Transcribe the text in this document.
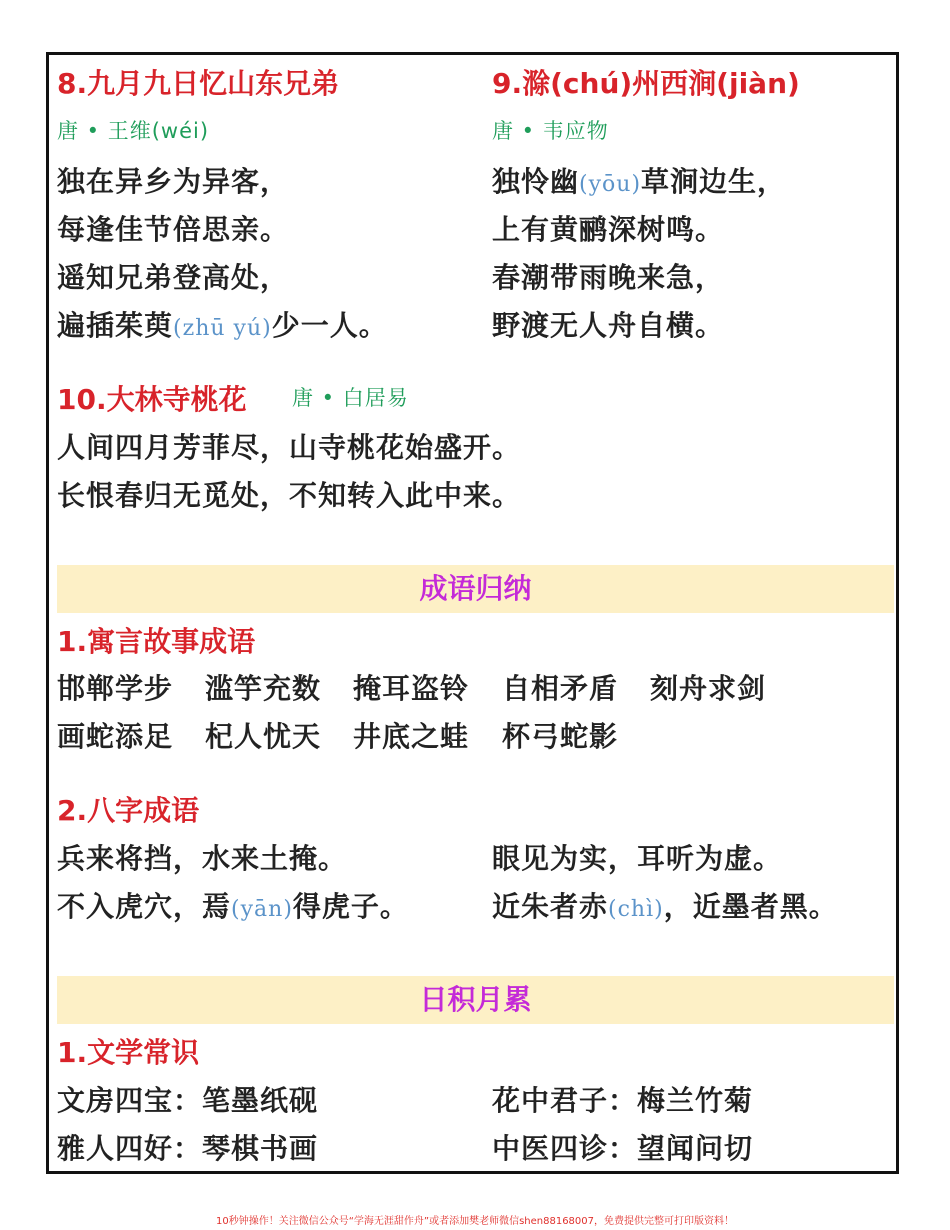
8.九月九日忆山东兄弟
唐 • 王维(wéi)
独在异乡为异客，
每逢佳节倍思亲。
遥知兄弟登高处，
遍插茱萸(zhū yú)少一人。
9.滁(chú)州西涧(jiàn)
唐 • 韦应物
独怜幽(yōu)草涧边生，
上有黄鹂深树鸣。
春潮带雨晚来急，
野渡无人舟自横。
10.大林寺桃花 唐 • 白居易
人间四月芳菲尽，山寺桃花始盛开。
长恨春归无觅处，不知转入此中来。
成语归纳
1.寓言故事成语
邯郸学步 滥竽充数 掩耳盗铃 自相矛盾 刻舟求剑
画蛇添足 杞人忧天 井底之蛙 杯弓蛇影
2.八字成语
兵来将挡，水来土掩。	眼见为实，耳听为虚。
不入虎穴，焉(yān)得虎子。	近朱者赤(chì)，近墨者黑。
日积月累
1.文学常识
文房四宝：笔墨纸砚	花中君子：梅兰竹菊
雅人四好：琴棋书画	中医四诊：望闻问切
10秒钟操作！关注微信公众号“学海无涯甜作舟”或者添加樊老师微信shen88168007，免费提供完整可打印版资料！
